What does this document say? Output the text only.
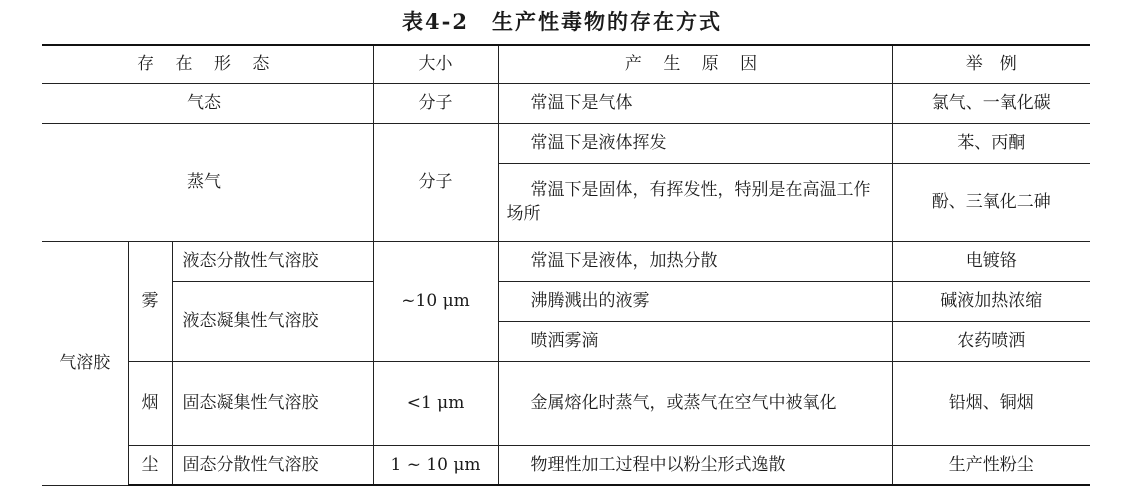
表4-2　生产性毒物的存在方式
存 在 形 态			大小	产 生 原 因	举　例
气态			分子	常温下是气体	氯气、一氧化碳
蒸气			分子	常温下是液体挥发	苯、丙酮
				常温下是固体，有挥发性，特别是在高温工作场所	酚、三氧化二砷
气溶胶	雾	液态分散性气溶胶	~10 μm	常温下是液体，加热分散	电镀铬
		液态凝集性气溶胶		沸腾溅出的液雾	碱液加热浓缩
				喷洒雾滴	农药喷洒
	烟	固态凝集性气溶胶	<1 μm	金属熔化时蒸气，或蒸气在空气中被氧化	铅烟、铜烟
	尘	固态分散性气溶胶	1 ~ 10 μm	物理性加工过程中以粉尘形式逸散	生产性粉尘
